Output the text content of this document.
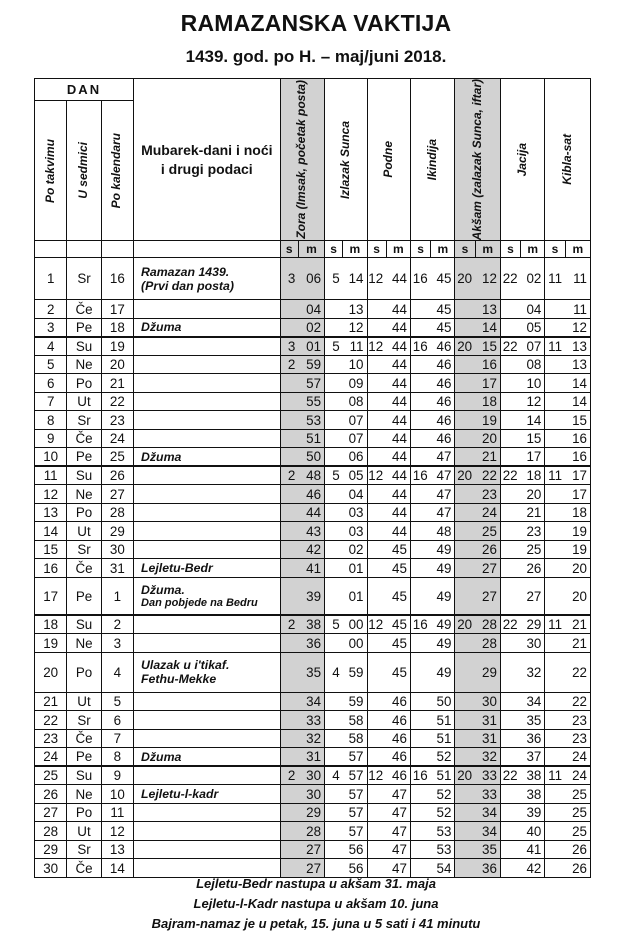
RAMAZANSKA VAKTIJA
1439. god. po H. – maj/juni 2018.
DAN			Mubarek-dani i noći i drugi podaci	Zora (Imsak, početak posta)		Izlazak Sunca		Podne		Ikindija		Akšam (zalazak Sunca, iftar)		Jacija		Kibla-sat	

Po takvimu	U sedmici	Po kalendaru															

				s	m	s	m	s	m	s	m	s	m	s	m	s	m
1	Sr	16	Ramazan 1439.
(Prvi dan posta)	3	06	5	14	12	44	16	45	20	12	22	02	11	11
2	Če	17			04		13		44		45		13		04		11
3	Pe	18	Džuma		02		12		44		45		14		05		12
4	Su	19		3	01	5	11	12	44	16	46	20	15	22	07	11	13
5	Ne	20		2	59		10		44		46		16		08		13
6	Po	21			57		09		44		46		17		10		14
7	Ut	22			55		08		44		46		18		12		14
8	Sr	23			53		07		44		46		19		14		15
9	Če	24			51		07		44		46		20		15		16
10	Pe	25	Džuma		50		06		44		47		21		17		16
11	Su	26		2	48	5	05	12	44	16	47	20	22	22	18	11	17
12	Ne	27			46		04		44		47		23		20		17
13	Po	28			44		03		44		47		24		21		18
14	Ut	29			43		03		44		48		25		23		19
15	Sr	30			42		02		45		49		26		25		19
16	Če	31	Lejletu-Bedr		41		01		45		49		27		26		20
17	Pe	1	Džuma.
Dan pobjede na Bedru		39		01		45		49		27		27		20
18	Su	2		2	38	5	00	12	45	16	49	20	28	22	29	11	21
19	Ne	3			36		00		45		49		28		30		21
20	Po	4	Ulazak u i'tikaf.
Fethu-Mekke		35	4	59		45		49		29		32		22
21	Ut	5			34		59		46		50		30		34		22
22	Sr	6			33		58		46		51		31		35		23
23	Če	7			32		58		46		51		31		36		23
24	Pe	8	Džuma		31		57		46		52		32		37		24
25	Su	9		2	30	4	57	12	46	16	51	20	33	22	38	11	24
26	Ne	10	Lejletu-l-kadr		30		57		47		52		33		38		25
27	Po	11			29		57		47		52		34		39		25
28	Ut	12			28		57		47		53		34		40		25
29	Sr	13			27		56		47		53		35		41		26
30	Če	14			27		56		47		54		36		42		26
Lejletu-Bedr nastupa u akšam 31. maja
Lejletu-l-Kadr nastupa u akšam 10. juna
Bajram-namaz je u petak, 15. juna u 5 sati i 41 minutu
